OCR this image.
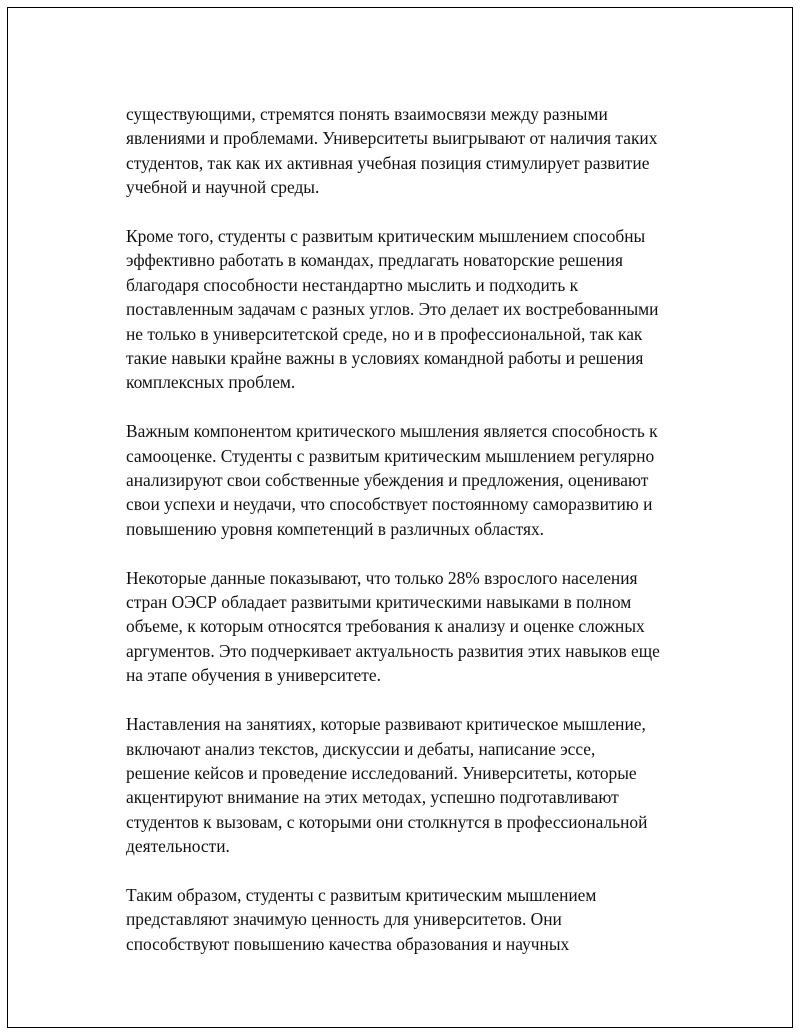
существующими, стремятся понять взаимосвязи между разными
явлениями и проблемами. Университеты выигрывают от наличия таких
студентов, так как их активная учебная позиция стимулирует развитие
учебной и научной среды.

Кроме того, студенты с развитым критическим мышлением способны
эффективно работать в командах, предлагать новаторские решения
благодаря способности нестандартно мыслить и подходить к
поставленным задачам с разных углов. Это делает их востребованными
не только в университетской среде, но и в профессиональной, так как
такие навыки крайне важны в условиях командной работы и решения
комплексных проблем.

Важным компонентом критического мышления является способность к
самооценке. Студенты с развитым критическим мышлением регулярно
анализируют свои собственные убеждения и предложения, оценивают
свои успехи и неудачи, что способствует постоянному саморазвитию и
повышению уровня компетенций в различных областях.

Некоторые данные показывают, что только 28% взрослого населения
стран ОЭСР обладает развитыми критическими навыками в полном
объеме, к которым относятся требования к анализу и оценке сложных
аргументов. Это подчеркивает актуальность развития этих навыков еще
на этапе обучения в университете.

Наставления на занятиях, которые развивают критическое мышление,
включают анализ текстов, дискуссии и дебаты, написание эссе,
решение кейсов и проведение исследований. Университеты, которые
акцентируют внимание на этих методах, успешно подготавливают
студентов к вызовам, с которыми они столкнутся в профессиональной
деятельности.

Таким образом, студенты с развитым критическим мышлением
представляют значимую ценность для университетов. Они
способствуют повышению качества образования и научных
